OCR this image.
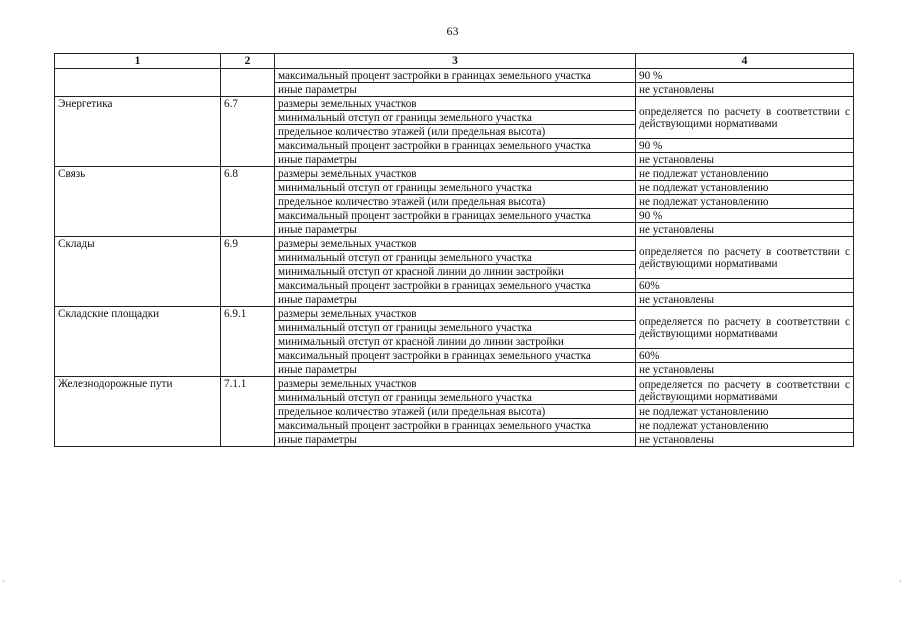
63
1	2	3	4
		максимальный процент застройки в границах земельного участка	90 %
		иные параметры	не установлены
Энергетика	6.7	размеры земельных участков	определяется по расчету в соответствии с действующими нормативами
		минимальный отступ от границы земельного участка	
		предельное количество этажей (или предельная высота)	
		максимальный процент застройки в границах земельного участка	90 %
		иные параметры	не установлены
Связь	6.8	размеры земельных участков	не подлежат установлению
		минимальный отступ от границы земельного участка	не подлежат установлению
		предельное количество этажей (или предельная высота)	не подлежат установлению
		максимальный процент застройки в границах земельного участка	90 %
		иные параметры	не установлены
Склады	6.9	размеры земельных участков	определяется по расчету в соответствии с действующими нормативами
		минимальный отступ от границы земельного участка	
		минимальный отступ от красной линии до линии застройки	
		максимальный процент застройки в границах земельного участка	60%
		иные параметры	не установлены
Складские площадки	6.9.1	размеры земельных участков	определяется по расчету в соответствии с действующими нормативами
		минимальный отступ от границы земельного участка	
		минимальный отступ от красной линии до линии застройки	
		максимальный процент застройки в границах земельного участка	60%
		иные параметры	не установлены
Железнодорожные пути	7.1.1	размеры земельных участков	определяется по расчету в соответствии с действующими нормативами
		минимальный отступ от границы земельного участка	
		предельное количество этажей (или предельная высота)	не подлежат установлению
		максимальный процент застройки в границах земельного участка	не подлежат установлению
		иные параметры	не установлены
·	·
